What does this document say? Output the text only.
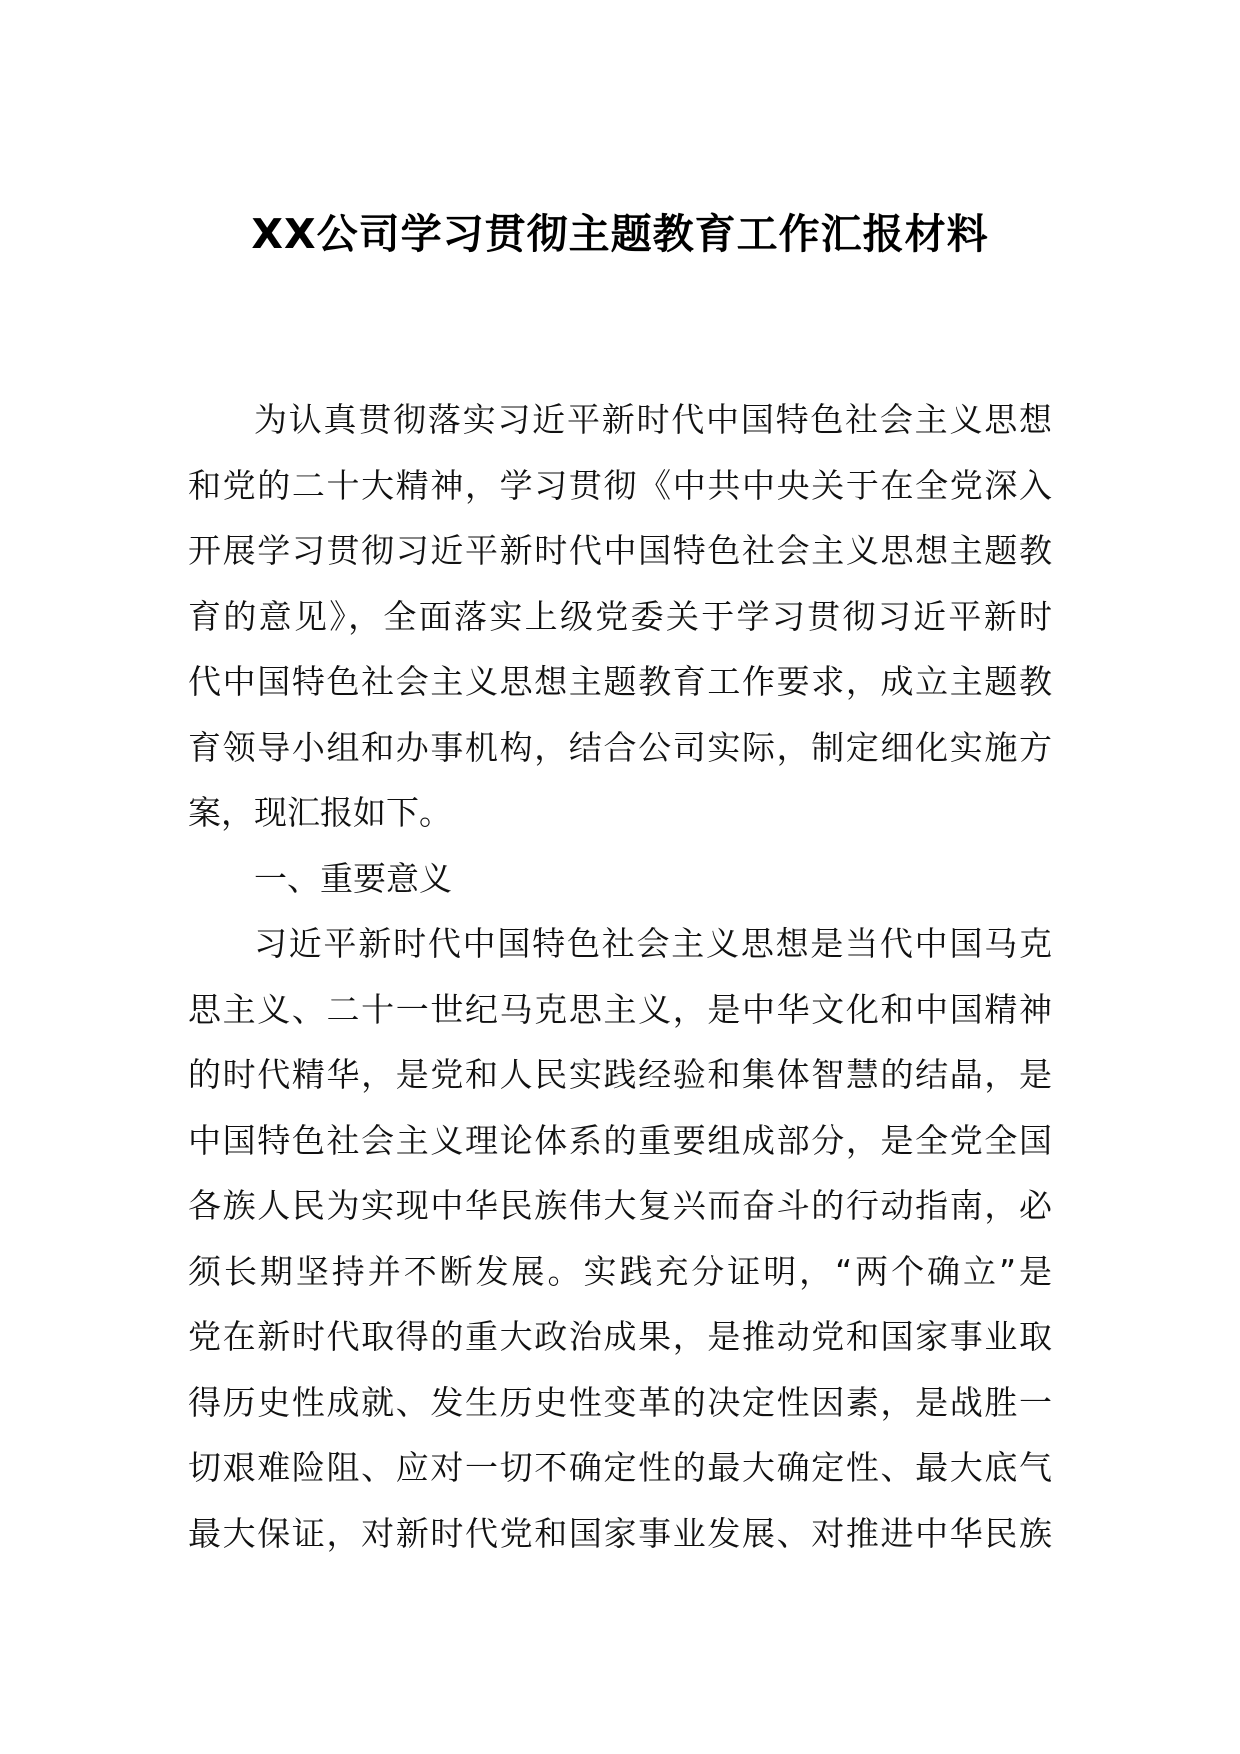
XX公司学习贯彻主题教育工作汇报材料
为认真贯彻落实习近平新时代中国特色社会主义思想
和党的二十大精神，学习贯彻《中共中央关于在全党深入
开展学习贯彻习近平新时代中国特色社会主义思想主题教
育的意见》，全面落实上级党委关于学习贯彻习近平新时
代中国特色社会主义思想主题教育工作要求，成立主题教
育领导小组和办事机构，结合公司实际，制定细化实施方
案，现汇报如下。
一、重要意义
习近平新时代中国特色社会主义思想是当代中国马克
思主义、二十一世纪马克思主义，是中华文化和中国精神
的时代精华，是党和人民实践经验和集体智慧的结晶，是
中国特色社会主义理论体系的重要组成部分，是全党全国
各族人民为实现中华民族伟大复兴而奋斗的行动指南，必
须长期坚持并不断发展。实践充分证明，“两个确立”是
党在新时代取得的重大政治成果，是推动党和国家事业取
得历史性成就、发生历史性变革的决定性因素，是战胜一
切艰难险阻、应对一切不确定性的最大确定性、最大底气
最大保证，对新时代党和国家事业发展、对推进中华民族
